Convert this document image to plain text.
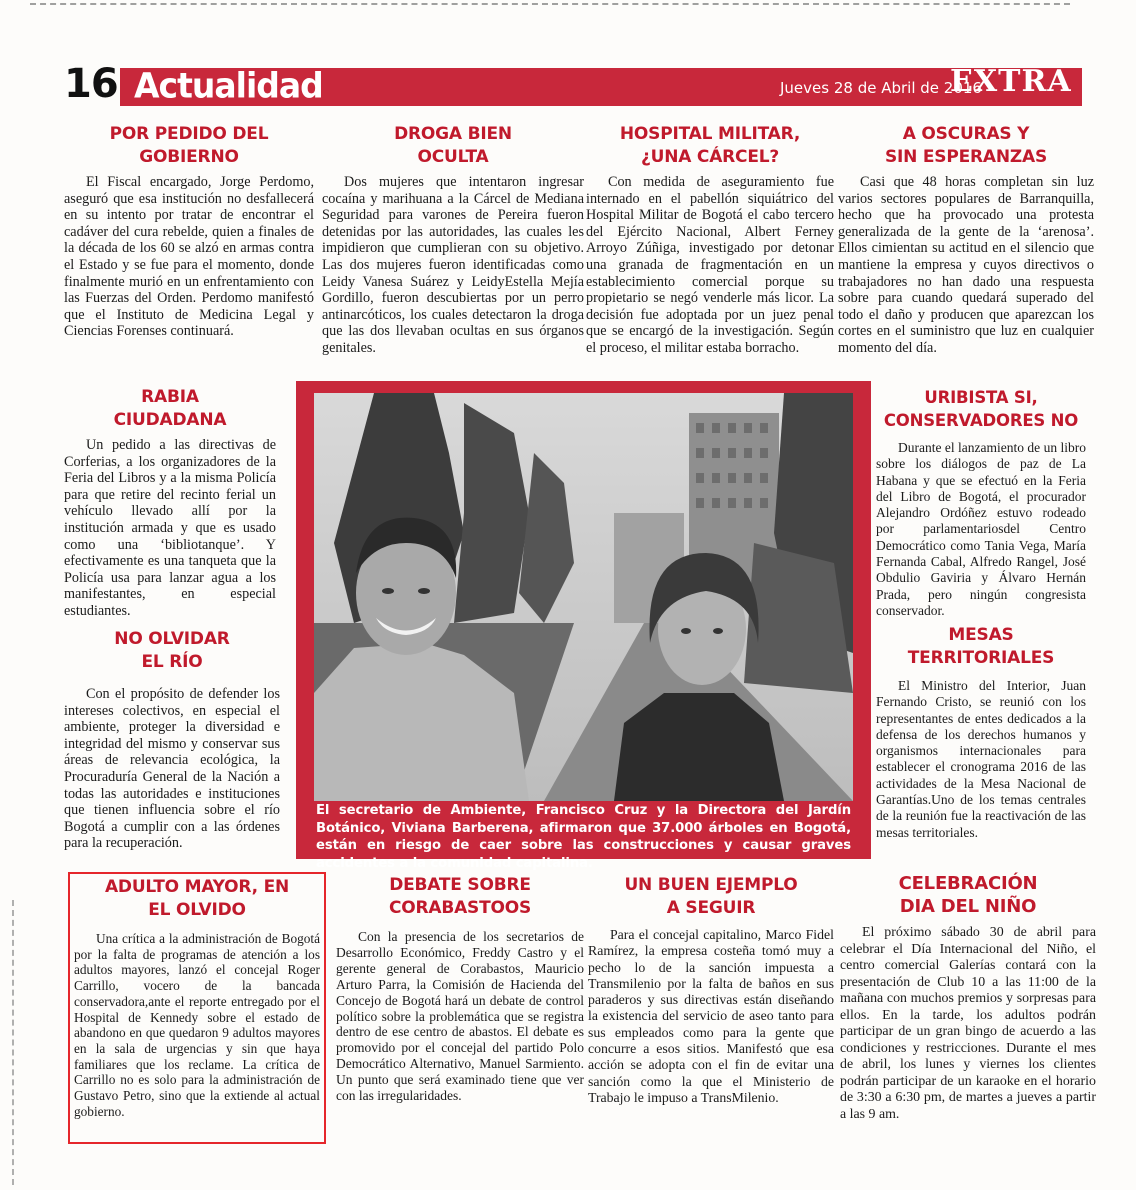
16 Actualidad	Jueves 28 de Abril de 2016
EXTRA
POR PEDIDO DEL
GOBIERNO

El Fiscal encargado, Jorge Perdomo, aseguró que esa institución no desfallecerá en su intento por tratar de encontrar el cadáver del cura rebelde, quien a finales de la década de los 60 se alzó en armas contra el Estado y se fue para el momento, donde finalmente murió en un enfrentamiento con las Fuerzas del Orden. Perdomo manifestó que el Instituto de Medicina Legal y Ciencias Forenses continuará.

DROGA BIEN
OCULTA

Dos mujeres que intentaron ingresar cocaína y marihuana a la Cárcel de Mediana Seguridad para varones de Pereira fueron detenidas por las autoridades, las cuales les impidieron que cumplieran con su objetivo. Las dos mujeres fueron identificadas como Leidy Vanesa Suárez y LeidyEstella Mejía Gordillo, fueron descubiertas por un perro antinarcóticos, los cuales detectaron la droga que las dos llevaban ocultas en sus órganos genitales.

HOSPITAL MILITAR,
¿UNA CÁRCEL?

Con medida de aseguramiento fue internado en el pabellón siquiátrico del Hospital Militar de Bogotá el cabo tercero del Ejército Nacional, Albert Ferney Arroyo Zúñiga, investigado por detonar una granada de fragmentación en un establecimiento comercial porque su propietario se negó venderle más licor. La decisión fue adoptada por un juez penal que se encargó de la investigación. Según el proceso, el militar estaba borracho.

A OSCURAS Y
SIN ESPERANZAS

Casi que 48 horas completan sin luz varios sectores populares de Barranquilla, hecho que ha provocado una protesta generalizada de la gente de la ‘arenosa’. Ellos cimientan su actitud en el silencio que mantiene la empresa y cuyos directivos o trabajadores no han dado una respuesta sobre para cuando quedará superado del todo el daño y producen que aparezcan los cortes en el suministro que luz en cualquier momento del día.

RABIA
CIUDADANA

Un pedido a las directivas de Corferias, a los organizadores de la Feria del Libros y a la misma Policía para que retire del recinto ferial un vehículo llevado allí por la institución armada y que es usado como una ‘bibliotanque’. Y efectivamente es una tanqueta que la Policía usa para lanzar agua a los manifestantes, en especial estudiantes.

NO OLVIDAR
EL RÍO

Con el propósito de defender los intereses colectivos, en especial el ambiente, proteger la diversidad e integridad del mismo y conservar sus áreas de relevancia ecológica, la Procuraduría General de la Nación a todas las autoridades e instituciones que tienen influencia sobre el río Bogotá a cumplir con a las órdenes para la recuperación.

El secretario de Ambiente, Francisco Cruz y la Directora del Jardín Botánico, Viviana Barberena, afirmaron que 37.000 árboles en Bogotá, están en riesgo de caer sobre las construcciones y causar graves accidentes a la comunidad capitalina.
URIBISTA SI,
CONSERVADORES NO

Durante el lanzamiento de un libro sobre los diálogos de paz de La Habana y que se efectuó en la Feria del Libro de Bogotá, el procurador Alejandro Ordóñez estuvo rodeado por parlamentariosdel Centro Democrático como Tania Vega, María Fernanda Cabal, Alfredo Rangel, José Obdulio Gaviria y Álvaro Hernán Prada, pero ningún congresista conservador.

MESAS
TERRITORIALES

El Ministro del Interior, Juan Fernando Cristo, se reunió con los representantes de entes dedicados a la defensa de los derechos humanos y organismos internacionales para establecer el cronograma 2016 de las actividades de la Mesa Nacional de Garantías.Uno de los temas centrales de la reunión fue la reactivación de las mesas territoriales.

ADULTO MAYOR, EN
EL OLVIDO

Una crítica a la administración de Bogotá por la falta de programas de atención a los adultos mayores, lanzó el concejal Roger Carrillo, vocero de la bancada conservadora,ante el reporte entregado por el Hospital de Kennedy sobre el estado de abandono en que quedaron 9 adultos mayores en la sala de urgencias y sin que haya familiares que los reclame. La crítica de Carrillo no es solo para la administración de Gustavo Petro, sino que la extiende al actual gobierno.

DEBATE SOBRE
CORABASTOOS

Con la presencia de los secretarios de Desarrollo Económico, Freddy Castro y el gerente general de Corabastos, Mauricio Arturo Parra, la Comisión de Hacienda del Concejo de Bogotá hará un debate de control político sobre la problemática que se registra dentro de ese centro de abastos. El debate es promovido por el concejal del partido Polo Democrático Alternativo, Manuel Sarmiento. Un punto que será examinado tiene que ver con las irregularidades.

UN BUEN EJEMPLO
A SEGUIR

Para el concejal capitalino, Marco Fidel Ramírez, la empresa costeña tomó muy a pecho lo de la sanción impuesta a Transmilenio por la falta de baños en sus paraderos y sus directivas están diseñando la existencia del servicio de aseo tanto para sus empleados como para la gente que concurre a esos sitios. Manifestó que esa acción se adopta con el fin de evitar una sanción como la que el Ministerio de Trabajo le impuso a TransMilenio.

CELEBRACIÓN
DIA DEL NIÑO

El próximo sábado 30 de abril para celebrar el Día Internacional del Niño, el centro comercial Galerías contará con la presentación de Club 10 a las 11:00 de la mañana con muchos premios y sorpresas para ellos. En la tarde, los adultos podrán participar de un gran bingo de acuerdo a las condiciones y restricciones. Durante el mes de abril, los lunes y viernes los clientes podrán participar de un karaoke en el horario de 3:30 a 6:30 pm, de martes a jueves a partir a las 9 am.
